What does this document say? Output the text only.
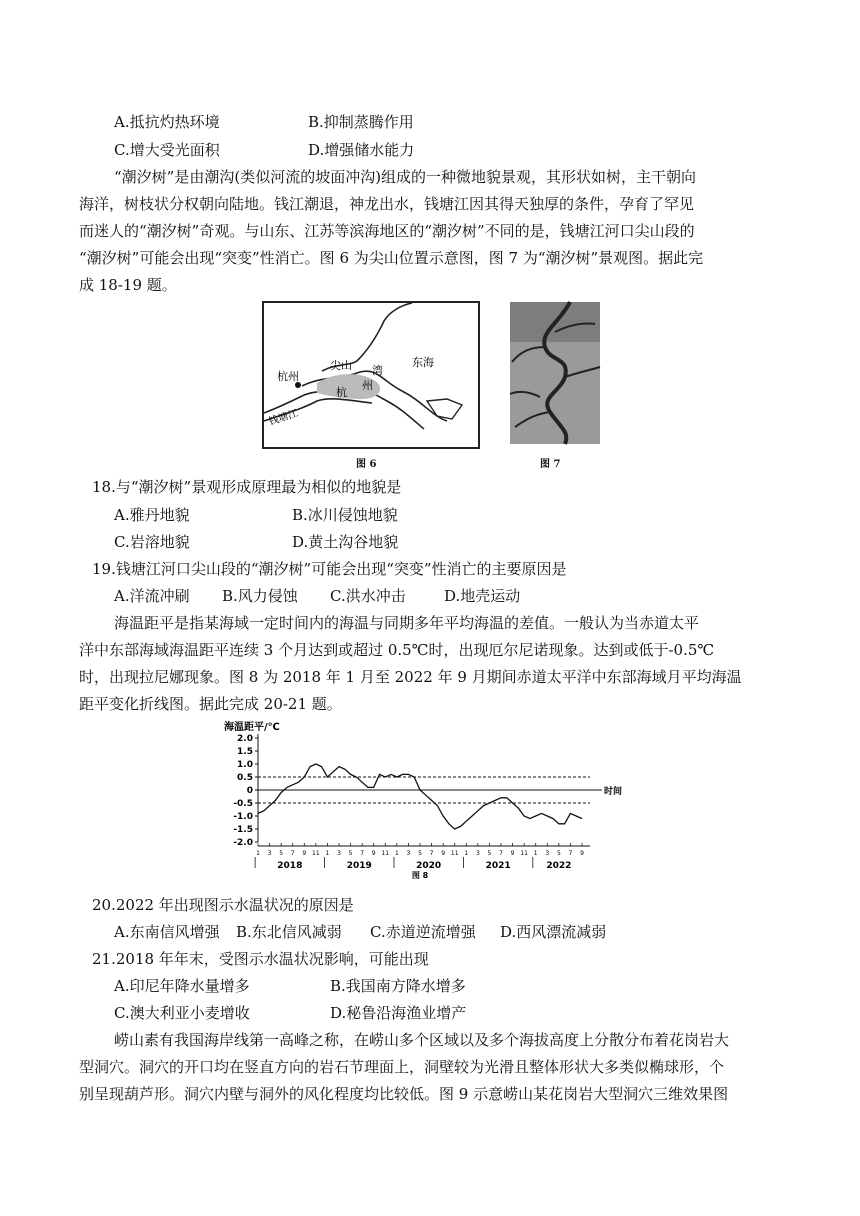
A.抵抗灼热环境	B.抑制蒸腾作用
C.增大受光面积	D.增强储水能力
“潮汐树”是由潮沟(类似河流的坡面冲沟)组成的一种微地貌景观，其形状如树，主干朝向
海洋，树枝状分权朝向陆地。钱江潮退，神龙出水，钱塘江因其得天独厚的条件，孕育了罕见
而迷人的“潮汐树”奇观。与山东、江苏等滨海地区的“潮汐树”不同的是，钱塘江河口尖山段的
“潮汐树”可能会出现“突变”性消亡。图 6 为尖山位置示意图，图 7 为“潮汐树”景观图。据此完
成 18-19 题。
杭州
尖山 湾
杭
州
东海
钱塘江
图 6	图 7
18.与“潮汐树”景观形成原理最为相似的地貌是
A.雅丹地貌	B.冰川侵蚀地貌
C.岩溶地貌	D.黄土沟谷地貌
19.钱塘江河口尖山段的“潮汐树”可能会出现“突变”性消亡的主要原因是
A.洋流冲刷 B.风力侵蚀 C.洪水冲击	D.地壳运动
海温距平是指某海域一定时间内的海温与同期多年平均海温的差值。一般认为当赤道太平
洋中东部海域海温距平连续 3 个月达到或超过 0.5℃时，出现厄尔尼诺现象。达到或低于-0.5℃
时，出现拉尼娜现象。图 8 为 2018 年 1 月至 2022 年 9 月期间赤道太平洋中东部海域月平均海温
距平变化折线图。据此完成 20-21 题。
海温距平/℃
2.0
1.5
1.0
0.5
0
-0.5
-1.0
-1.5
-2.0
时间
1 3 5 7 9 11 1 3 5 7 9 11 1 3 5 7 9 11 1 3 5 7 9 11 1 3 5 7 9
2018	2019	2020	2021	2022
图 8
20.2022 年出现图示水温状况的原因是
A.东南信风增强 B.东北信风减弱 C.赤道逆流增强 D.西风漂流减弱
21.2018 年年末，受图示水温状况影响，可能出现
A.印尼年降水量增多	B.我国南方降水增多
C.澳大利亚小麦增收	D.秘鲁沿海渔业增产
崂山素有我国海岸线第一高峰之称，在崂山多个区域以及多个海拔高度上分散分布着花岗岩大
型洞穴。洞穴的开口均在竖直方向的岩石节理面上，洞壁较为光滑且整体形状大多类似椭球形，个
别呈现葫芦形。洞穴内壁与洞外的风化程度均比较低。图 9 示意崂山某花岗岩大型洞穴三维效果图
